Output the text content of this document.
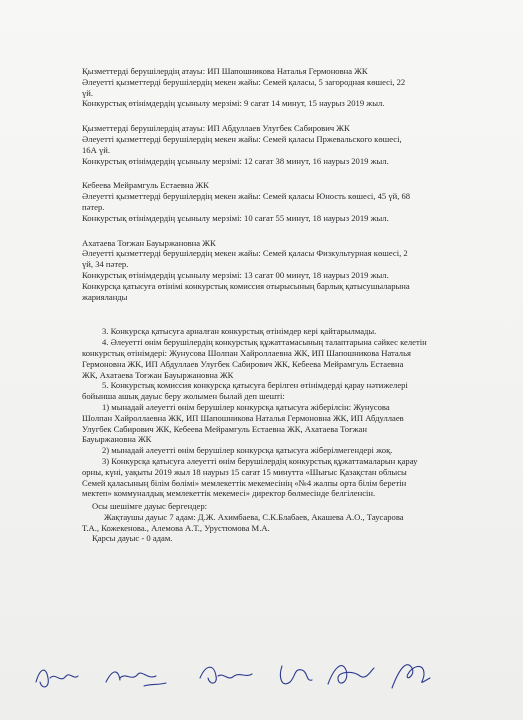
Қызметтерді берушілердің атауы: ИП Шапошникова Наталья Гермоновна ЖК

Әлеуетті қызметтерді берушілердің мекен жайы: Семей қаласы, 5 загородная көшесі, 22

үй.

Конкурстық өтінімдердің ұсынылу мерзімі: 9 сағат 14 минут, 15 наурыз 2019 жыл.

Қызметтерді берушілердің атауы: ИП Абдуллаев Улугбек Сабирович ЖК

Әлеуетті қызметтерді берушілердің мекен жайы: Семей қаласы Пржевальского көшесі,

16А үй.

Конкурстық өтінімдердің ұсынылу мерзімі: 12 сағат 38 минут, 16 наурыз 2019 жыл.

Кебеева Мейрамгуль Естаевна ЖК

Әлеуетті қызметтерді берушілердің мекен жайы: Семей қаласы Юность көшесі, 45 үй, 68

пәтер.

Конкурстық өтінімдердің ұсынылу мерзімі: 10 сағат 55 минут, 18 наурыз 2019 жыл.

Ахатаева Тоғжан Бауыржановна ЖК

Әлеуетті қызметтерді берушілердің мекен жайы: Семей қаласы Физкультурная көшесі, 2

үй, 34 пәтер.

Конкурстық өтінімдердің ұсынылу мерзімі: 13 сағат 00 минут, 18 наурыз 2019 жыл.

Конкурсқа қатысуға өтінімі конкурстық комиссия отырысының барлық қатысушыларына

жарияланды

3. Конкурсқа қатысуға арналған конкурстық өтінімдер кері қайтарылмады.

4. Әлеуетті өнім берушілердің конкурстық құжаттамасының талаптарына сәйкес келетін

конкурстық өтінімдері: Жунусова Шолпан Хайроллаевна ЖК, ИП Шапошникова Наталья

Гермоновна ЖК, ИП Абдуллаев Улугбек Сабирович ЖК, Кебеева Мейрамгуль Естаевна

ЖК, Ахатаева Тоғжан Бауыржановна ЖК

5. Конкурстық комиссия конкурсқа қатысуға берілген өтінімдерді қарау нәтижелері

бойынша ашық дауыс беру жолымен былай деп шешті:

1) мынадай әлеуетті өнім берушілер конкурсқа қатысуға жіберілсін: Жунусова

Шолпан Хайроллаевна ЖК, ИП Шапошникова Наталья Гермоновна ЖК, ИП Абдуллаев

Улугбек Сабирович ЖК, Кебеева Мейрамгуль Естаевна ЖК, Ахатаева Тоғжан

Бауыржановна ЖК

2) мынадай әлеуетті өнім берушілер конкурсқа қатысуға жіберілмегендері жоқ.

3) Конкурсқа қатысуға әлеуетті өнім берушілердің конкурстық құжаттамаларын қарау

орны, күні, уақыты 2019 жыл 18 наурыз 15 сағат 15 минутта «Шығыс Қазақстан облысы

Семей қаласының білім бөлімі» мемлекеттік мекемесінің «№4 жалпы орта білім беретін

мектеп» коммуналдық мемлекеттік мекемесі» директор бөлмесінде белгіленсін.

Осы шешімге дауыс бергендер:

Жақтаушы дауыс 7 адам: Д.Ж. Ахимбаева, С.К.Блабаев, Акашева А.О., Таусарова

Т.А., Кожекенова., Алемова А.Т., Урустюмова М.А.

Қарсы дауыс - 0 адам.
